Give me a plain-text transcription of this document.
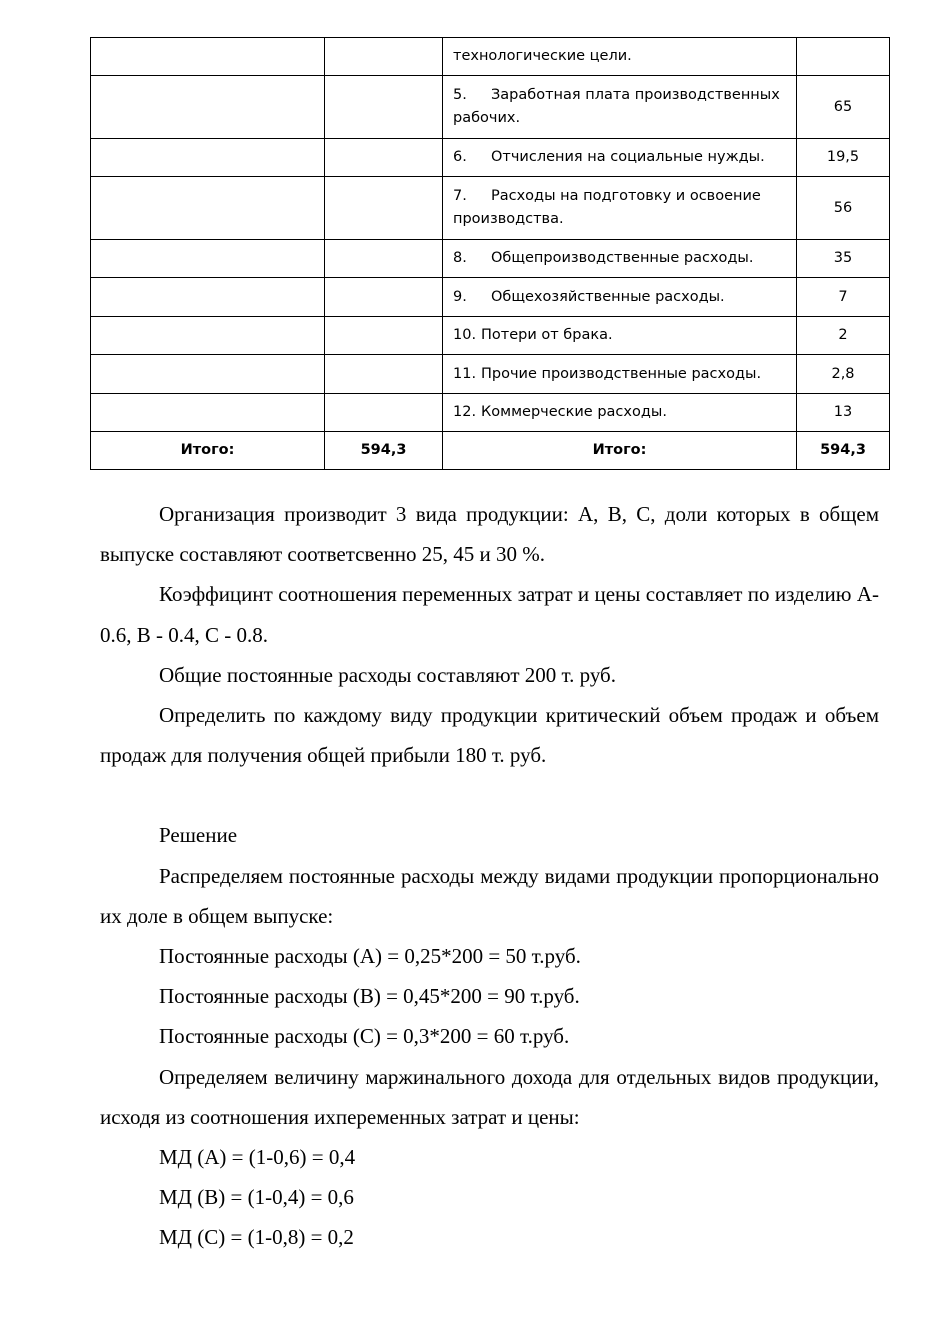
		технологические цели.	
		5. Заработная плата производственных рабочих.	65
		6. Отчисления на социальные нужды.	19,5
		7. Расходы на подготовку и освоение производства.	56
		8. Общепроизводственные расходы.	35
		9. Общехозяйственные расходы.	7
		10. Потери от брака.	2
		11. Прочие производственные расходы.	2,8
		12. Коммерческие расходы.	13
Итого:	594,3	Итого:	594,3

Организация производит 3 вида продукции: А, В, С, доли которых в общем выпуске составляют соответсвенно 25, 45 и 30 %.

Коэффицинт соотношения переменных затрат и цены составляет по изделию А- 0.6, В - 0.4, С - 0.8.

Общие постоянные расходы составляют 200 т. руб.

Определить по каждому виду продукции критический объем продаж и объем продаж для получения общей прибыли 180 т. руб.

Решение

Распределяем постоянные расходы между видами продукции пропорционально их доле в общем выпуске:

Постоянные расходы (А) = 0,25*200 = 50 т.руб.

Постоянные расходы (В) = 0,45*200 = 90 т.руб.

Постоянные расходы (С) = 0,3*200 = 60 т.руб.

Определяем величину маржинального дохода для отдельных видов продукции, исходя из соотношения ихпеременных затрат и цены:

МД (А) = (1-0,6) = 0,4

МД (В) = (1-0,4) = 0,6

МД (С) = (1-0,8) = 0,2
